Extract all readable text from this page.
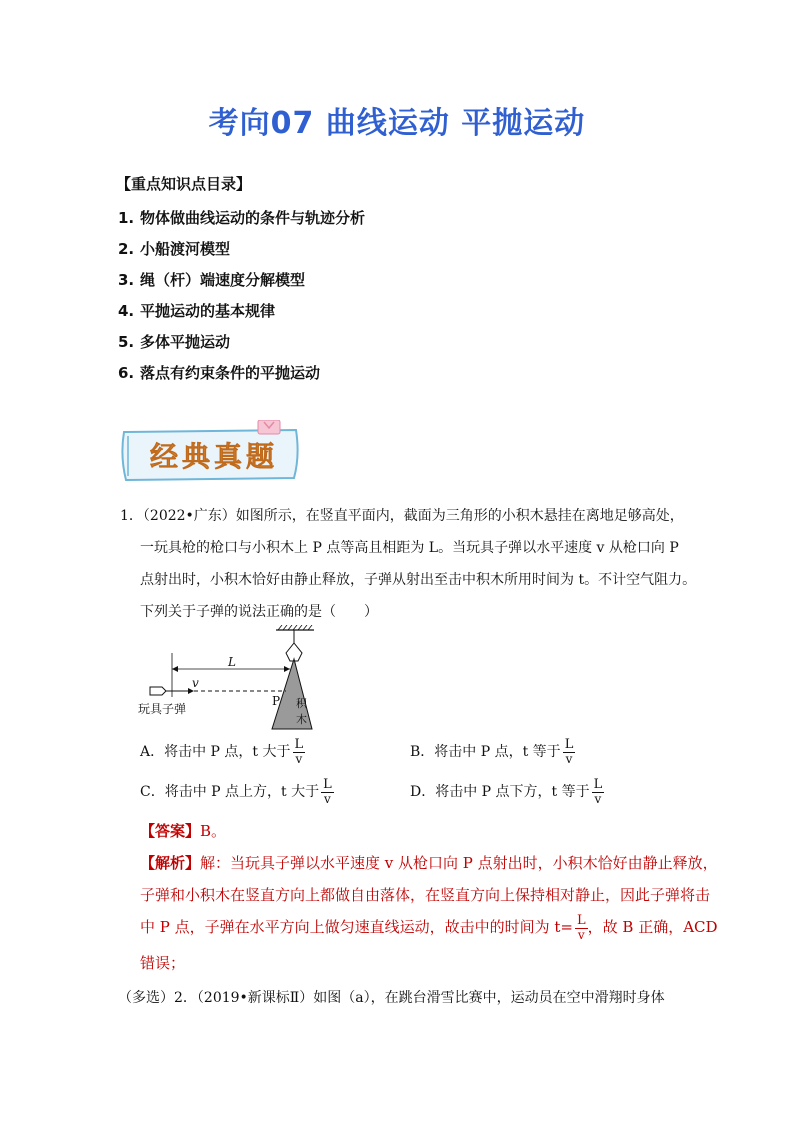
考向07 曲线运动 平抛运动
【重点知识点目录】
1. 物体做曲线运动的条件与轨迹分析
2. 小船渡河模型
3. 绳（杆）端速度分解模型
4. 平抛运动的基本规律
5. 多体平抛运动
6. 落点有约束条件的平抛运动
经典真题
1．（2022•广东）如图所示，在竖直平面内，截面为三角形的小积木悬挂在离地足够高处，
一玩具枪的枪口与小积木上 P 点等高且相距为 L。当玩具子弹以水平速度 v 从枪口向 P
点射出时，小积木恰好由静止释放，子弹从射出至击中积木所用时间为 t。不计空气阻力。
下列关于子弹的说法正确的是（　　）
积
木
L
v
P
玩具子弹
A．将击中 P 点，t 大于 $\frac{L}{v}$	B．将击中 P 点，t 等于 $\frac{L}{v}$
C．将击中 P 点上方，t 大于 $\frac{L}{v}$	D．将击中 P 点下方，t 等于 $\frac{L}{v}$
【答案】B。
【解析】解：当玩具子弹以水平速度 v 从枪口向 P 点射出时，小积木恰好由静止释放，
子弹和小积木在竖直方向上都做自由落体，在竖直方向上保持相对静止，因此子弹将击
中 P 点，子弹在水平方向上做匀速直线运动，故击中的时间为 $t= \frac{L}{v}$ ，故 B 正确，ACD
错误；
（多选）2．（2019•新课标Ⅱ）如图（a），在跳台滑雪比赛中，运动员在空中滑翔时身体
